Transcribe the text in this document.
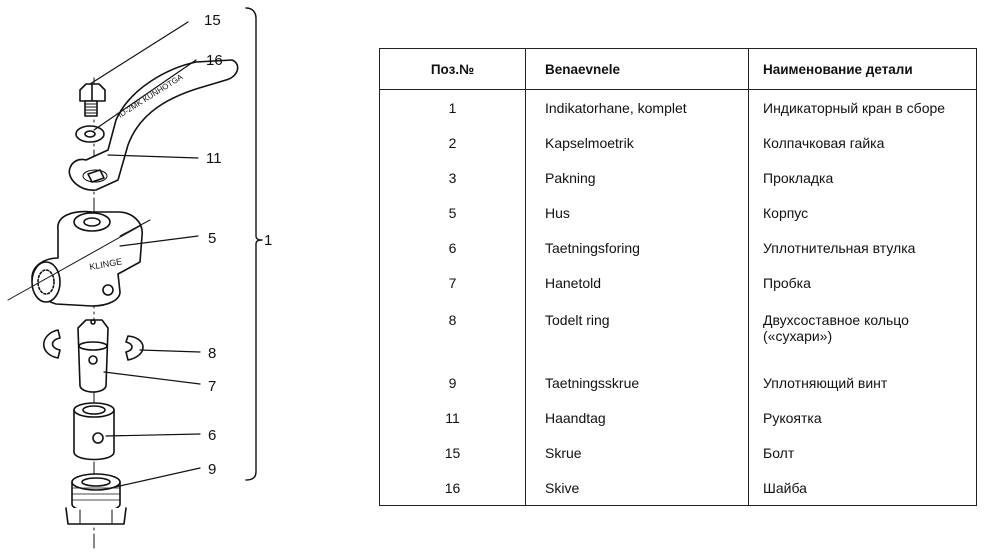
ID-2MK KUNHOTGA
KLINGE
15
16
11
5	1
8
7
6
9
Поз.№	Benaevnele	Наименование детали
1	Indikatorhane, komplet	Индикаторный кран в сборе
2	Kapselmoetrik	Колпачковая гайка
3	Pakning	Прокладка
5	Hus	Корпус
6	Taetningsforing	Уплотнительная втулка
7	Hanetold	Пробка
8	Todelt ring	Двухсоставное кольцо («сухари»)
9	Taetningsskrue	Уплотняющий винт
11	Haandtag	Рукоятка
15	Skrue	Болт
16	Skive	Шайба
